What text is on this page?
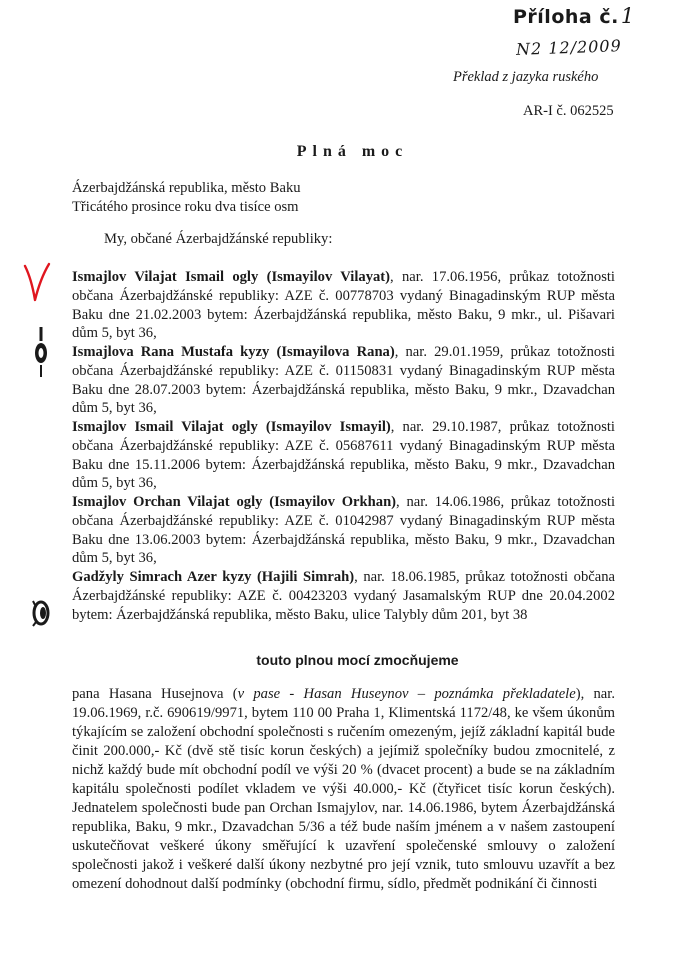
Příloha č.1
N2 12/2009
Překlad z jazyka ruského
AR-I č. 062525
Plná moc
Ázerbajdžánská republika, město Baku
Třicátého prosince roku dva tisíce osm
My, občané Ázerbajdžánské republiky:
Ismajlov Vilajat Ismail ogly (Ismayilov Vilayat), nar. 17.06.1956, průkaz totožnosti občana Ázerbajdžánské republiky: AZE č. 00778703 vydaný Binagadinským RUP města Baku dne 21.02.2003 bytem: Ázerbajdžánská republika, město Baku, 9 mkr., ul. Pišavari dům 5, byt 36,
Ismajlova Rana Mustafa kyzy (Ismayilova Rana), nar. 29.01.1959, průkaz totožnosti občana Ázerbajdžánské republiky: AZE č. 01150831 vydaný Binagadinským RUP města Baku dne 28.07.2003 bytem: Ázerbajdžánská republika, město Baku, 9 mkr., Dzavadchan dům 5, byt 36,
Ismajlov Ismail Vilajat ogly (Ismayilov Ismayil), nar. 29.10.1987, průkaz totožnosti občana Ázerbajdžánské republiky: AZE č. 05687611 vydaný Binagadinským RUP města Baku dne 15.11.2006 bytem: Ázerbajdžánská republika, město Baku, 9 mkr., Dzavadchan dům 5, byt 36,
Ismajlov Orchan Vilajat ogly (Ismayilov Orkhan), nar. 14.06.1986, průkaz totožnosti občana Ázerbajdžánské republiky: AZE č. 01042987 vydaný Binagadinským RUP města Baku dne 13.06.2003 bytem: Ázerbajdžánská republika, město Baku, 9 mkr., Dzavadchan dům 5, byt 36,
Gadžyly Simrach Azer kyzy (Hajili Simrah), nar. 18.06.1985, průkaz totožnosti občana Ázerbajdžánské republiky: AZE č. 00423203 vydaný Jasamalským RUP dne 20.04.2002 bytem: Ázerbajdžánská republika, město Baku, ulice Talybly dům 201, byt 38
touto plnou mocí zmocňujeme
pana Hasana Husejnova (v pase - Hasan Huseynov – poznámka překladatele), nar. 19.06.1969, r.č. 690619/9971, bytem 110 00 Praha 1, Klimentská 1172/48, ke všem úkonům týkajícím se založení obchodní společnosti s ručením omezeným, jejíž základní kapitál bude činit 200.000,- Kč (dvě stě tisíc korun českých) a jejímiž společníky budou zmocnitelé, z nichž každý bude mít obchodní podíl ve výši 20 % (dvacet procent) a bude se na základním kapitálu společnosti podílet vkladem ve výši 40.000,- Kč (čtyřicet tisíc korun českých). Jednatelem společnosti bude pan Orchan Ismajylov, nar. 14.06.1986, bytem Ázerbajdžánská republika, Baku, 9 mkr., Dzavadchan 5/36 a též bude naším jménem a v našem zastoupení uskutečňovat veškeré úkony směřující k uzavření společenské smlouvy o založení společnosti jakož i veškeré další úkony nezbytné pro její vznik, tuto smlouvu uzavřít a bez omezení dohodnout další podmínky (obchodní firmu, sídlo, předmět podnikání či činnosti
